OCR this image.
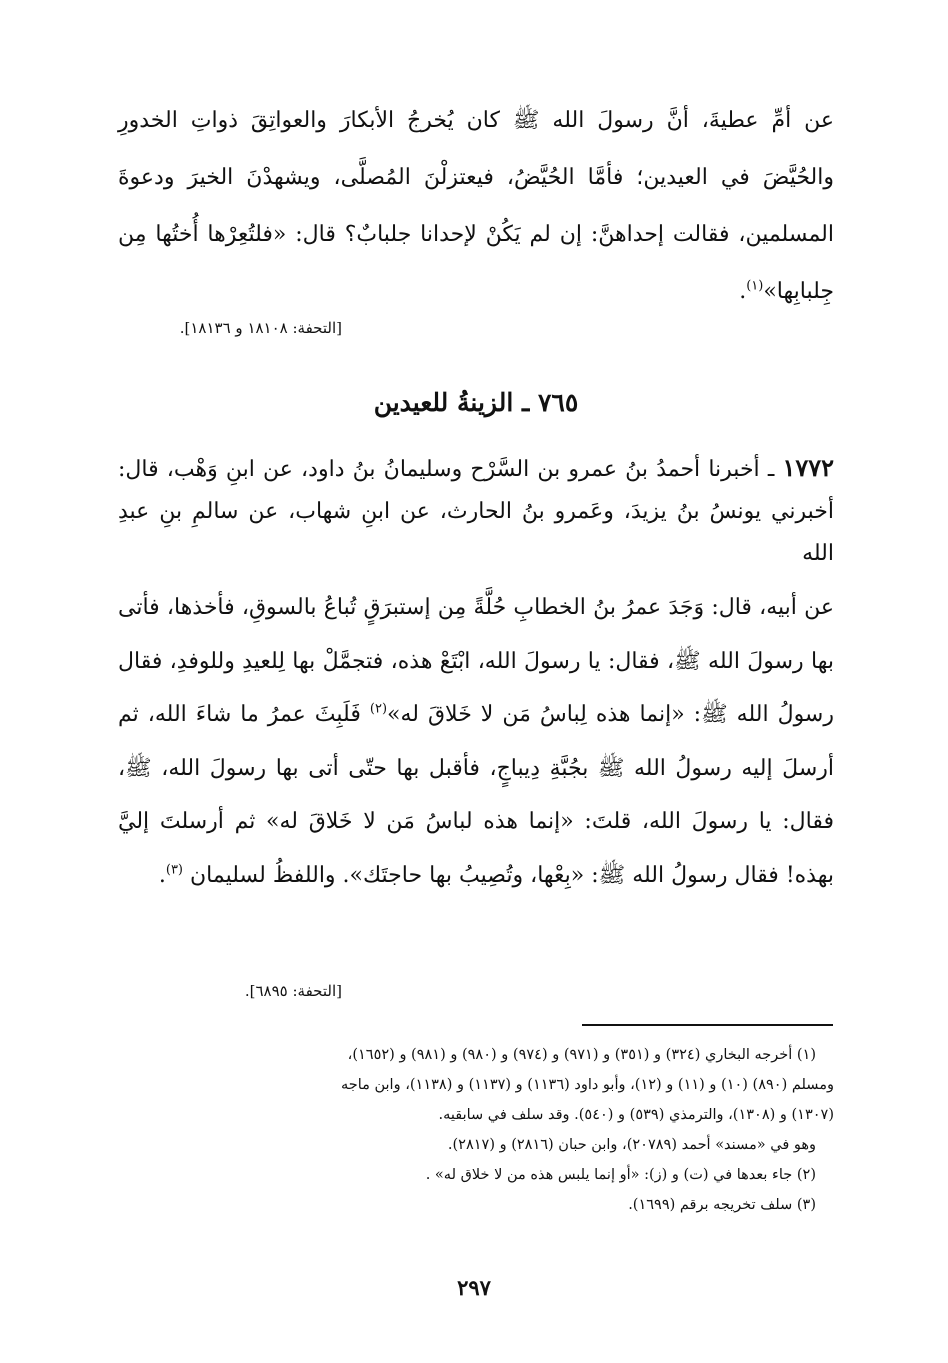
عن أمِّ عطيةَ، أنَّ رسولَ الله ﷺ كان يُخرجُ الأبكارَ والعواتِقَ ذواتِ الخدورِ والحُيَّضَ في العيدين؛ فأمَّا الحُيَّضُ، فيعتزلْنَ المُصلَّى، ويشهدْنَ الخيرَ ودعوةَ المسلمين، فقالت إحداهنَّ: إن لم يَكُنْ لإحدانا جلبابٌ؟ قال: «فلتُعِرْها أُختُها مِن جِلبابِها»$^{(١)}$.

[التحفة: ١٨١٠٨ و ١٨١٣٦].
٧٦٥ ـ الزينةُ للعيدين

١٧٧٢ ـ أخبرنا أحمدُ بنُ عمرو بن السَّرْح وسليمانُ بنُ داود، عن ابنِ وَهْب، قال: أخبرني يونسُ بنُ يزيدَ، وعَمرو بنُ الحارث، عن ابنِ شهاب، عن سالمِ بنِ عبدِ الله

عن أبيه، قال: وَجَدَ عمرُ بنُ الخطابِ حُلَّةً مِن إستبرَقٍ تُباعُ بالسوقِ، فأخذها، فأتى بها رسولَ الله ﷺ، فقال: يا رسولَ الله، ابْتَعْ هذه، فتجمَّلْ بها لِلعيدِ وللوفدِ، فقال رسولُ الله ﷺ: «إنما هذه لِباسُ مَن لا خَلاقَ له»$^{(٢)}$ فَلَبِثَ عمرُ ما شاءَ الله، ثم أرسلَ إليه رسولُ الله ﷺ بجُبَّةِ دِيباجٍ، فأقبل بها حتّى أتى بها رسولَ الله، ﷺ، فقال: يا رسولَ الله، قلتَ: «إنما هذه لباسُ مَن لا خَلاقَ له» ثم أرسلتَ إليَّ بهذه! فقال رسولُ الله ﷺ: «بِعْها، وتُصِيبُ بها حاجتَك». واللفظُ لسليمان $^{(٣)}$.

[التحفة: ٦٨٩٥].
(١) أخرجه البخاري (٣٢٤) و (٣٥١) و (٩٧١) و (٩٧٤) و (٩٨٠) و (٩٨١) و (١٦٥٢)،
ومسلم (٨٩٠) (١٠) و (١١) و (١٢)، وأبو داود (١١٣٦) و (١١٣٧) و (١١٣٨)، وابن ماجه
(١٣٠٧) و (١٣٠٨)، والترمذي (٥٣٩) و (٥٤٠). وقد سلف في سابقيه.
وهو في «مسند» أحمد (٢٠٧٨٩)، وابن حبان (٢٨١٦) و (٢٨١٧).
(٢) جاء بعدها في (ت) و (ز): «أو إنما يلبس هذه من لا خلاق له» .
(٣) سلف تخريجه برقم (١٦٩٩).
٢٩٧
